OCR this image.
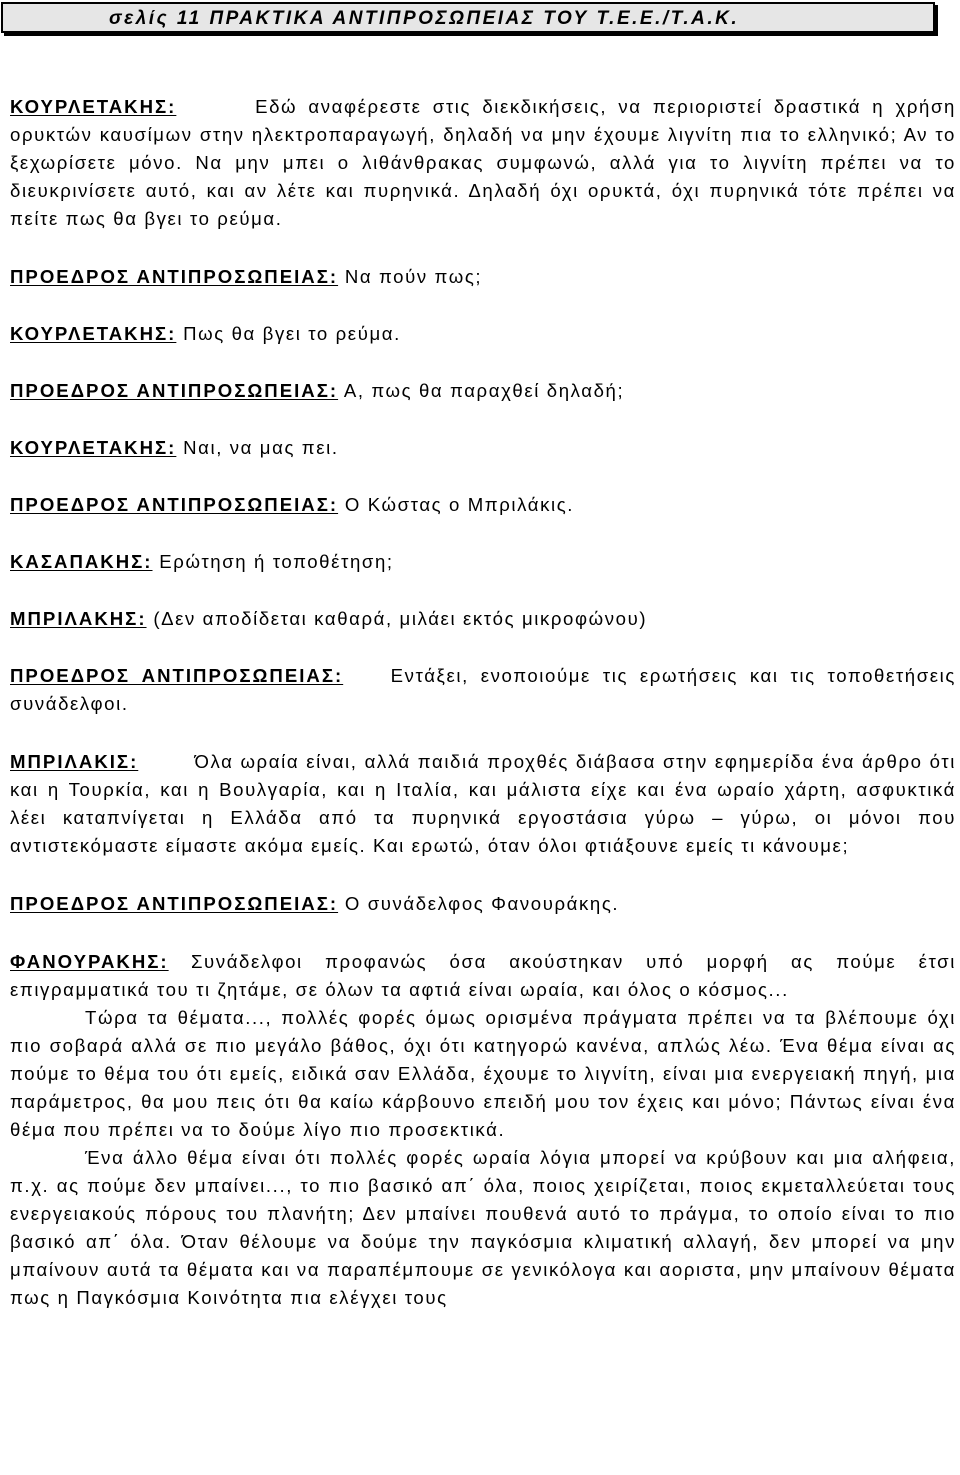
σελίς 11 ΠΡΑΚΤΙΚΑ ΑΝΤΙΠΡΟΣΩΠΕΙΑΣ ΤΟΥ Τ.Ε.Ε./Τ.Α.Κ.

ΚΟΥΡΛΕΤΑΚΗΣ:	Εδώ αναφέρεστε στις διεκδικήσεις, να περιοριστεί δραστικά η χρήση ορυκτών καυσίμων στην ηλεκτροπαραγωγή, δηλαδή να μην έχουμε λιγνίτη πια το ελληνικό; Αν το ξεχωρίσετε μόνο. Να μην μπει ο λιθάνθρακας συμφωνώ, αλλά για το λιγνίτη πρέπει να το διευκρινίσετε αυτό, και αν λέτε και πυρηνικά. Δηλαδή όχι ορυκτά, όχι πυρηνικά τότε πρέπει να πείτε πως θα βγει το ρεύμα.

ΠΡΟΕΔΡΟΣ ΑΝΤΙΠΡΟΣΩΠΕΙΑΣ: Να πούν πως;

ΚΟΥΡΛΕΤΑΚΗΣ: Πως θα βγει το ρεύμα.

ΠΡΟΕΔΡΟΣ ΑΝΤΙΠΡΟΣΩΠΕΙΑΣ: Α, πως θα παραχθεί δηλαδή;

ΚΟΥΡΛΕΤΑΚΗΣ: Ναι, να μας πει.

ΠΡΟΕΔΡΟΣ ΑΝΤΙΠΡΟΣΩΠΕΙΑΣ: Ο Κώστας ο Μπριλάκις.

ΚΑΣΑΠΑΚΗΣ: Ερώτηση ή τοποθέτηση;

ΜΠΡΙΛΑΚΗΣ: (Δεν αποδίδεται καθαρά, μιλάει εκτός μικροφώνου)

ΠΡΟΕΔΡΟΣ ΑΝΤΙΠΡΟΣΩΠΕΙΑΣ:	Εντάξει, ενοποιούμε τις ερωτήσεις και τις τοποθετήσεις συνάδελφοι.

ΜΠΡΙΛΑΚΙΣ:	Όλα ωραία είναι, αλλά παιδιά προχθές διάβασα στην εφημερίδα ένα άρθρο ότι και η Τουρκία, και η Βουλγαρία, και η Ιταλία, και μάλιστα είχε και ένα ωραίο χάρτη, ασφυκτικά λέει καταπνίγεται η Ελλάδα από τα πυρηνικά εργοστάσια γύρω – γύρω, οι μόνοι που αντιστεκόμαστε είμαστε ακόμα εμείς. Και ερωτώ, όταν όλοι φτιάξουνε εμείς τι κάνουμε;

ΠΡΟΕΔΡΟΣ ΑΝΤΙΠΡΟΣΩΠΕΙΑΣ: Ο συνάδελφος Φανουράκης.

ΦΑΝΟΥΡΑΚΗΣ: Συνάδελφοι προφανώς όσα ακούστηκαν υπό μορφή ας πούμε έτσι επιγραμματικά του τι ζητάμε, σε όλων τα αφτιά είναι ωραία, και όλος ο κόσμος...

Τώρα τα θέματα..., πολλές φορές όμως ορισμένα πράγματα πρέπει να τα βλέπουμε όχι πιο σοβαρά αλλά σε πιο μεγάλο βάθος, όχι ότι κατηγορώ κανένα, απλώς λέω. Ένα θέμα είναι ας πούμε το θέμα του ότι εμείς, ειδικά σαν Ελλάδα, έχουμε το λιγνίτη, είναι μια ενεργειακή πηγή, μια παράμετρος, θα μου πεις ότι θα καίω κάρβουνο επειδή μου τον έχεις και μόνο; Πάντως είναι ένα θέμα που πρέπει να το δούμε λίγο πιο προσεκτικά.

Ένα άλλο θέμα είναι ότι πολλές φορές ωραία λόγια μπορεί να κρύβουν και μια αλήφεια, π.χ. ας πούμε δεν μπαίνει..., το πιο βασικό απ΄ όλα, ποιος χειρίζεται, ποιος εκμεταλλεύεται τους ενεργειακούς πόρους του πλανήτη; Δεν μπαίνει πουθενά αυτό το πράγμα, το οποίο είναι το πιο βασικό απ΄ όλα. Όταν θέλουμε να δούμε την παγκόσμια κλιματική αλλαγή, δεν μπορεί να μην μπαίνουν αυτά τα θέματα και να παραπέμπουμε σε γενικόλογα και αοριστα, μην μπαίνουν θέματα πως η Παγκόσμια Κοινότητα πια ελέγχει τους
